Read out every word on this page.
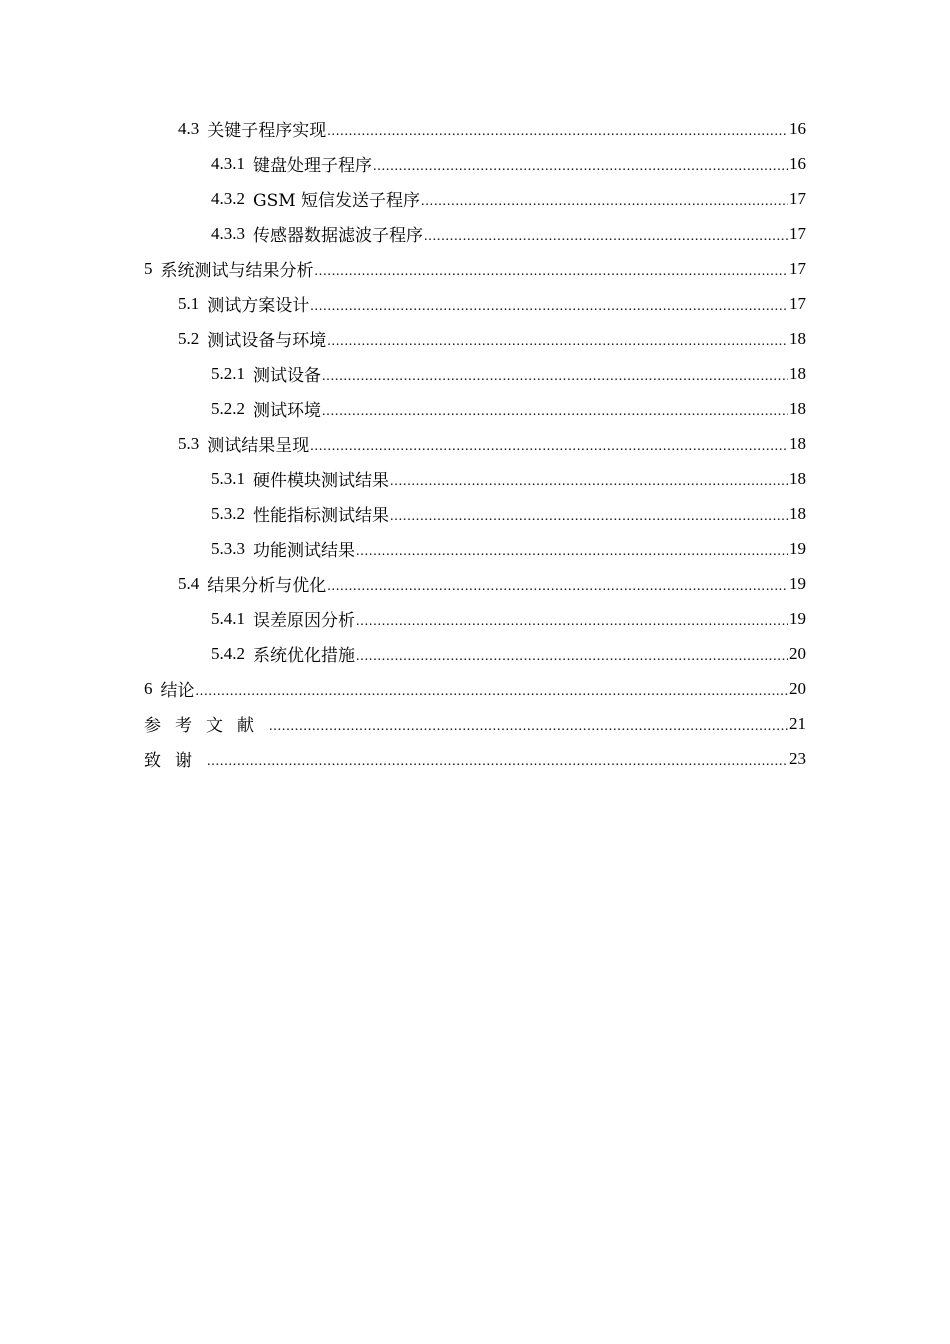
4.3 关键子程序实现 .....	16
4.3.1 键盘处理子程序 .....	16
4.3.2 GSM 短信发送子程序 .....	17
4.3.3 传感器数据滤波子程序 .....	17
5 系统测试与结果分析 .....	17
5.1 测试方案设计 .....	17
5.2 测试设备与环境 .....	18
5.2.1 测试设备 .....	18
5.2.2 测试环境 .....	18
5.3 测试结果呈现 .....	18
5.3.1 硬件模块测试结果 .....	18
5.3.2 性能指标测试结果 .....	18
5.3.3 功能测试结果 .....	19
5.4 结果分析与优化 .....	19
5.4.1 误差原因分析 .....	19
5.4.2 系统优化措施 .....	20
6 结论 .....	20
参考文献 .....	21
致谢 .....	23
